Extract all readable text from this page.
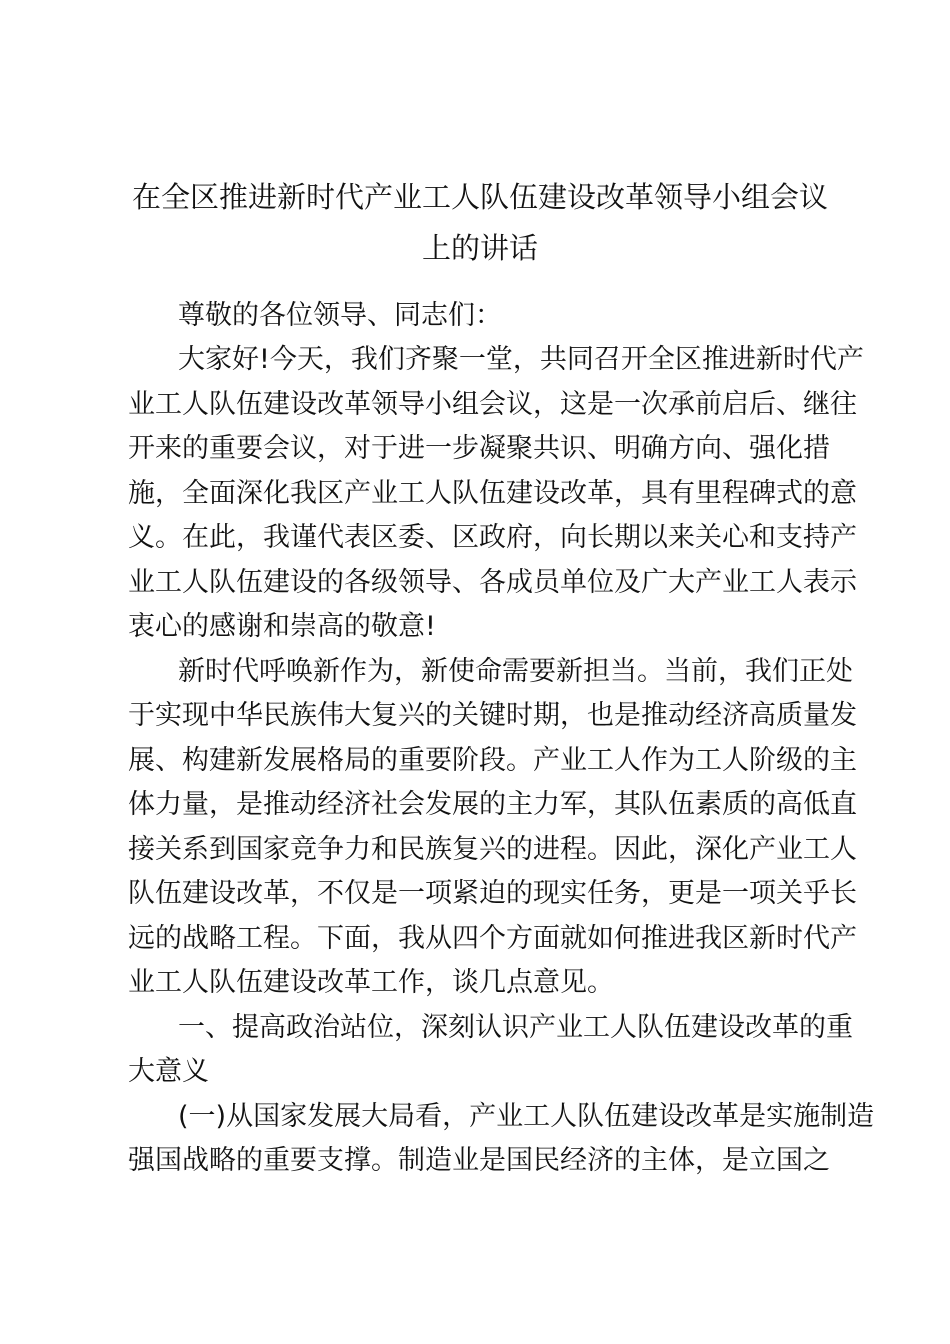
在全区推进新时代产业工人队伍建设改革领导小组会议
上的讲话
尊敬的各位领导、同志们：
大家好!今天，我们齐聚一堂，共同召开全区推进新时代产
业工人队伍建设改革领导小组会议，这是一次承前启后、继往
开来的重要会议，对于进一步凝聚共识、明确方向、强化措
施，全面深化我区产业工人队伍建设改革，具有里程碑式的意
义。在此，我谨代表区委、区政府，向长期以来关心和支持产
业工人队伍建设的各级领导、各成员单位及广大产业工人表示
衷心的感谢和崇高的敬意!
新时代呼唤新作为，新使命需要新担当。当前，我们正处
于实现中华民族伟大复兴的关键时期，也是推动经济高质量发
展、构建新发展格局的重要阶段。产业工人作为工人阶级的主
体力量，是推动经济社会发展的主力军，其队伍素质的高低直
接关系到国家竞争力和民族复兴的进程。因此，深化产业工人
队伍建设改革，不仅是一项紧迫的现实任务，更是一项关乎长
远的战略工程。下面，我从四个方面就如何推进我区新时代产
业工人队伍建设改革工作，谈几点意见。
一、提高政治站位，深刻认识产业工人队伍建设改革的重
大意义
(一)从国家发展大局看，产业工人队伍建设改革是实施制造
强国战略的重要支撑。制造业是国民经济的主体，是立国之
